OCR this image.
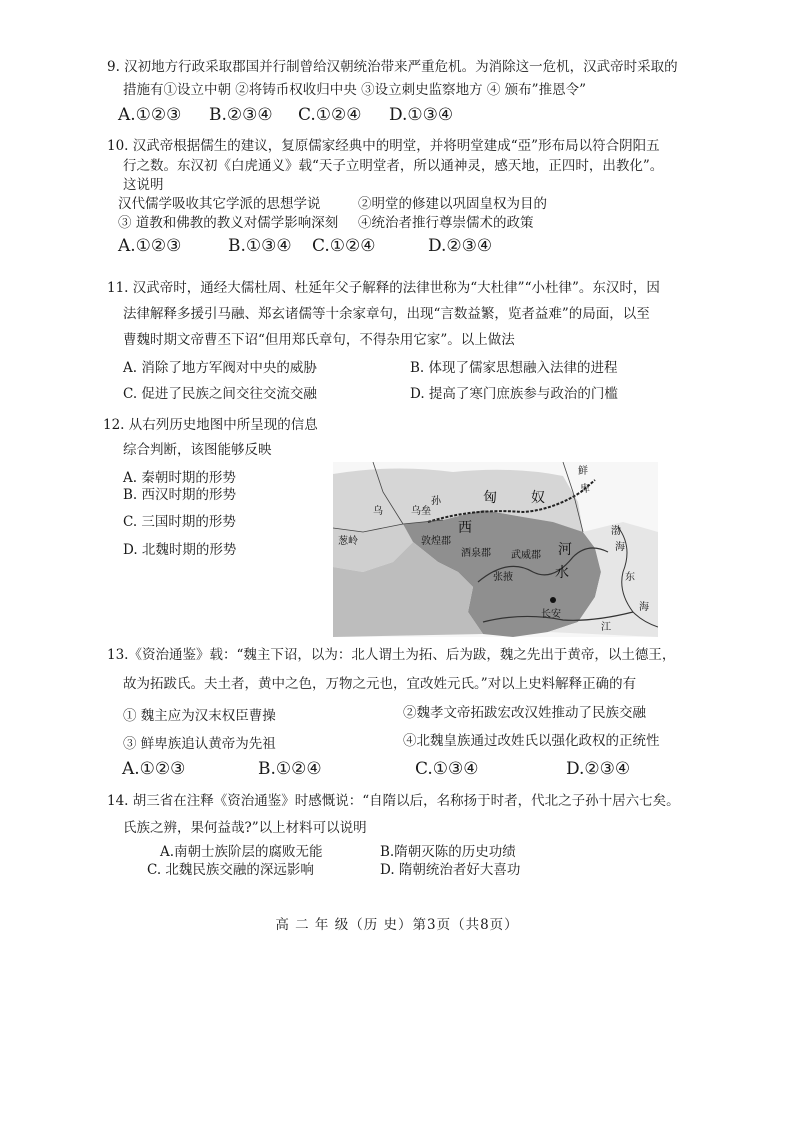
9. 汉初地方行政采取郡国并行制曾给汉朝统治带来严重危机。为消除这一危机，汉武帝时采取的
措施有①设立中朝 ②将铸币权收归中央 ③设立刺史监察地方 ④ 颁布”推恩令”
A.①②③ B.②③④ C.①②④ D.①③④
10. 汉武帝根据儒生的建议，复原儒家经典中的明堂，并将明堂建成“亞”形布局以符合阴阳五
行之数。东汉初《白虎通义》载“天子立明堂者，所以通神灵，感天地，正四时，出教化”。
这说明
汉代儒学吸收其它学派的思想学说	②明堂的修建以巩固皇权为目的
③ 道教和佛教的教义对儒学影响深刻 ④统治者推行尊崇儒术的政策
A.①②③	B.①③④ C.①②④	D.②③④
11. 汉武帝时，通经大儒杜周、杜延年父子解释的法律世称为“大杜律”“小杜律”。东汉时，因
法律解释多援引马融、郑玄诸儒等十余家章句，出现“言数益繁，览者益难”的局面，以至
曹魏时期文帝曹丕下诏“但用郑氏章句，不得杂用它家”。以上做法
A. 消除了地方军阀对中央的威胁	B. 体现了儒家思想融入法律的进程
C. 促进了民族之间交往交流交融	D. 提高了寒门庶族参与政治的门槛
12. 从右列历史地图中所呈现的信息
综合判断，该图能够反映
A. 秦朝时期的形势
B. 西汉时期的形势
C. 三国时期的形势
D. 北魏时期的形势
鲜
卑
孙	匈 奴
乌	乌垒
西
葱岭	敦煌郡
酒泉郡 武威郡
张掖
河
水
渤
海
长安
东
江
海
13.《资治通鉴》载：“魏主下诏，以为：北人谓土为拓、后为跋，魏之先出于黄帝，以土德王，
故为拓跋氏。夫土者，黄中之色，万物之元也，宜改姓元氏。”对以上史料解释正确的有
① 魏主应为汉末权臣曹操	②魏孝文帝拓跋宏改汉姓推动了民族交融
③ 鲜卑族追认黄帝为先祖	④北魏皇族通过改姓氏以强化政权的正统性
A.①②③	B.①②④	C.①③④	D.②③④
14. 胡三省在注释《资治通鉴》时感慨说：“自隋以后，名称扬于时者，代北之子孙十居六七矣。
氏族之辨，果何益哉?”以上材料可以说明
A.南朝士族阶层的腐败无能	B.隋朝灭陈的历史功绩
C. 北魏民族交融的深远影响	D. 隋朝统治者好大喜功
高 二 年 级（历 史）第3页（共8页）
